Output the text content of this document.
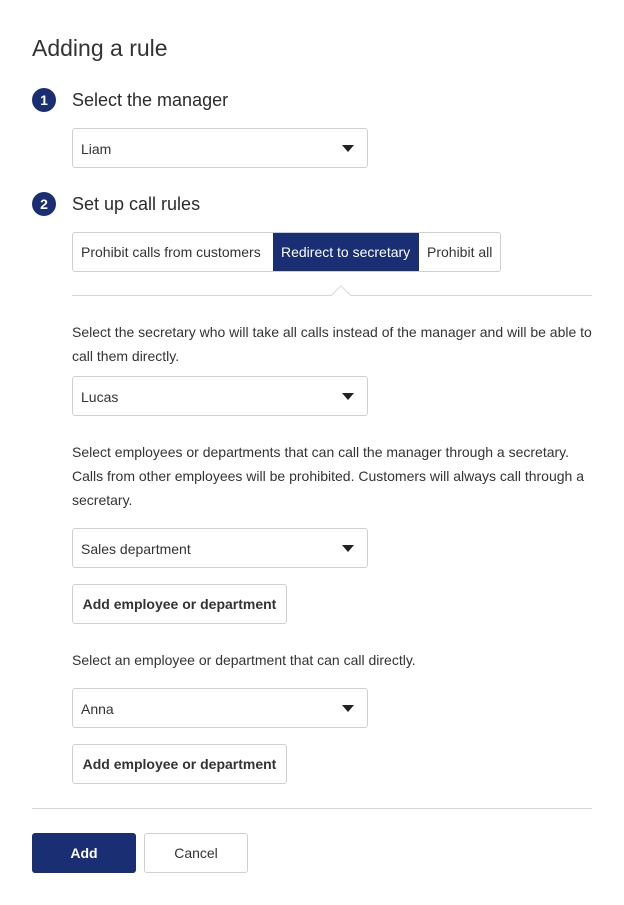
Adding a rule
1	Select the manager
Liam
2	Set up call rules
Prohibit calls from customers	Redirect to secretary	Prohibit all
Select the secretary who will take all calls instead of the manager and will be able to call them directly.
Lucas
Select employees or departments that can call the manager through a secretary. Calls from other employees will be prohibited. Customers will always call through a secretary.
Sales department
Add employee or department
Select an employee or department that can call directly.
Anna
Add employee or department
Add	Cancel
